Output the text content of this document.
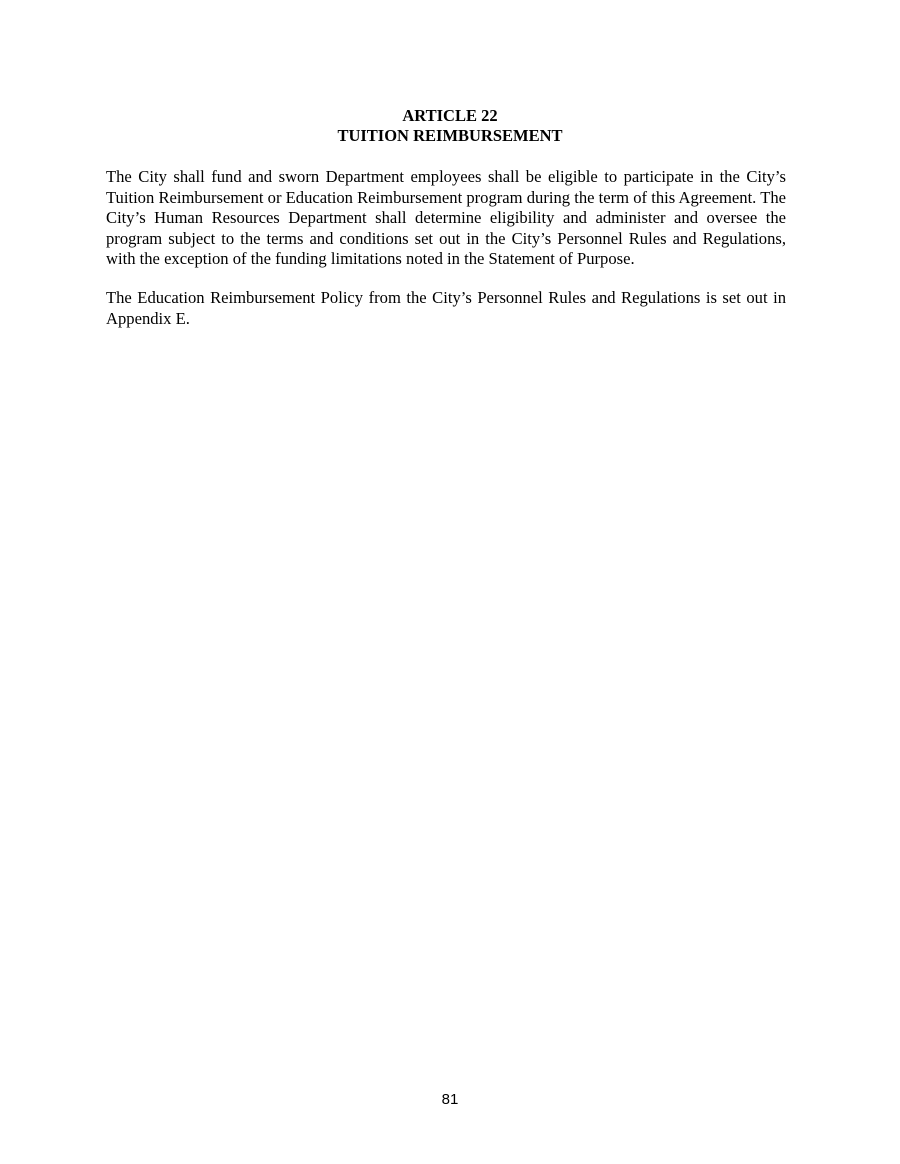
ARTICLE 22
TUITION REIMBURSEMENT

The City shall fund and sworn Department employees shall be eligible to participate in the City’s Tuition Reimbursement or Education Reimbursement program during the term of this Agreement. The City’s Human Resources Department shall determine eligibility and administer and oversee the program subject to the terms and conditions set out in the City’s Personnel Rules and Regulations, with the exception of the funding limitations noted in the Statement of Purpose.

The Education Reimbursement Policy from the City’s Personnel Rules and Regulations is set out in Appendix E.

81
